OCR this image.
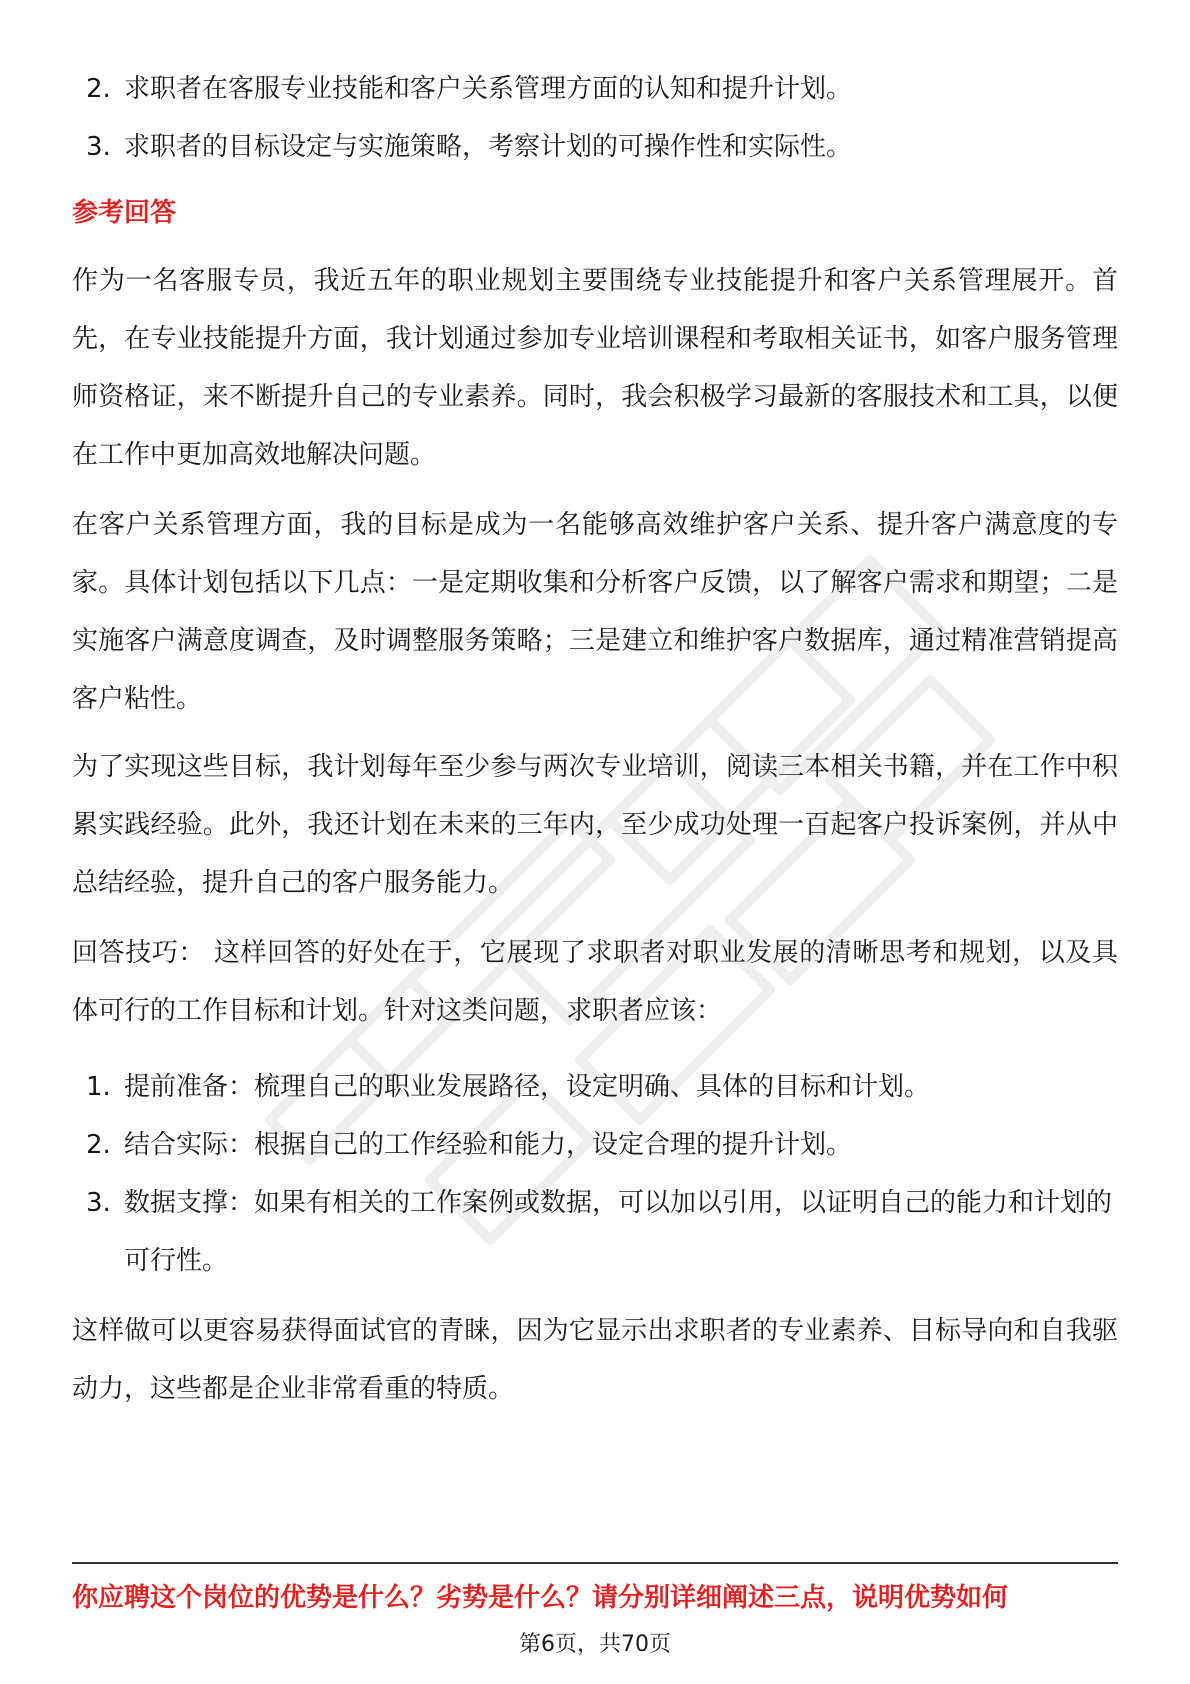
2. 求职者在客服专业技能和客户关系管理方面的认知和提升计划。
3. 求职者的目标设定与实施策略，考察计划的可操作性和实际性。
参考回答

作为一名客服专员，我近五年的职业规划主要围绕专业技能提升和客户关系管理展开。首先，在专业技能提升方面，我计划通过参加专业培训课程和考取相关证书，如客户服务管理师资格证，来不断提升自己的专业素养。同时，我会积极学习最新的客服技术和工具，以便在工作中更加高效地解决问题。

在客户关系管理方面，我的目标是成为一名能够高效维护客户关系、提升客户满意度的专家。具体计划包括以下几点：一是定期收集和分析客户反馈，以了解客户需求和期望；二是实施客户满意度调查，及时调整服务策略；三是建立和维护客户数据库，通过精准营销提高客户粘性。

为了实现这些目标，我计划每年至少参与两次专业培训，阅读三本相关书籍，并在工作中积累实践经验。此外，我还计划在未来的三年内，至少成功处理一百起客户投诉案例，并从中总结经验，提升自己的客户服务能力。

回答技巧： 这样回答的好处在于，它展现了求职者对职业发展的清晰思考和规划，以及具体可行的工作目标和计划。针对这类问题，求职者应该：

1. 提前准备：梳理自己的职业发展路径，设定明确、具体的目标和计划。
2. 结合实际：根据自己的工作经验和能力，设定合理的提升计划。
3. 数据支撑：如果有相关的工作案例或数据，可以加以引用，以证明自己的能力和计划的可行性。

这样做可以更容易获得面试官的青睐，因为它显示出求职者的专业素养、目标导向和自我驱动力，这些都是企业非常看重的特质。

你应聘这个岗位的优势是什么？劣势是什么？请分别详细阐述三点，说明优势如何
第6页，共70页
